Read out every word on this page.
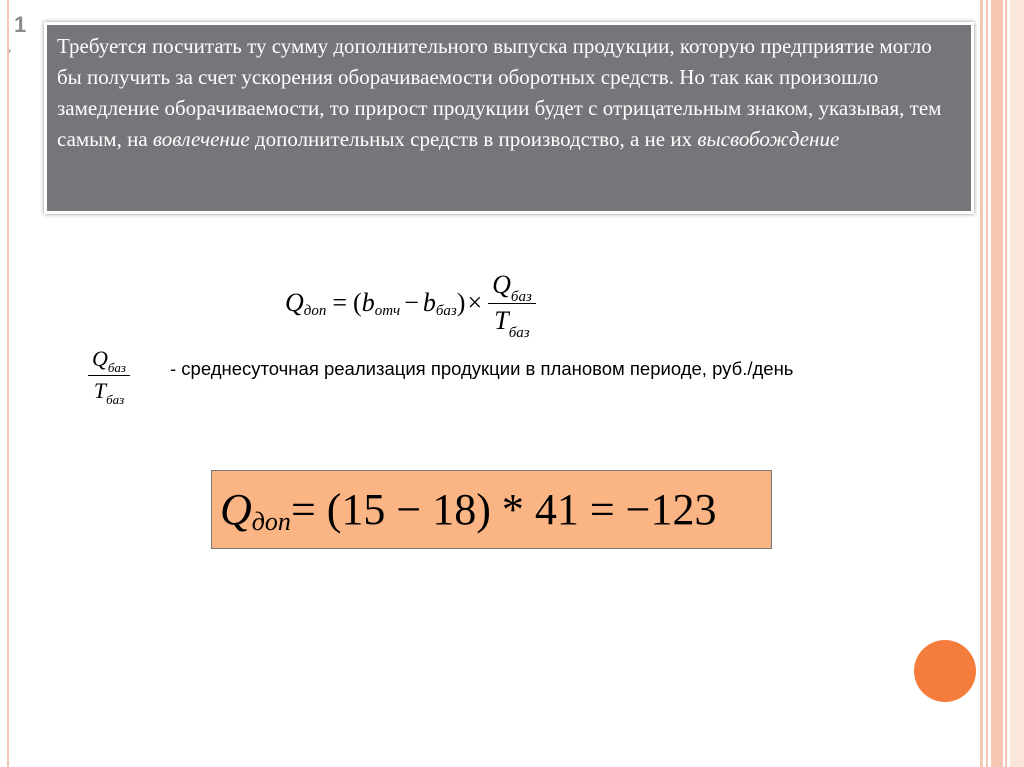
1
,	Требуется посчитать ту сумму дополнительного выпуска продукции, которую предприятие могло бы получить за счет ускорения оборачиваемости оборотных средств. Но так как произошло замедление оборачиваемости, то прирост продукции будет с отрицательным знаком, указывая, тем самым, на вовлечение дополнительных средств в производство, а не их высвобождение
Q доп = ( b отч − b баз ) × $\frac{Q_{баз}}{T_{баз}}$
$\frac{Q_{баз}}{T_{баз}}$ - среднесуточная реализация продукции в плановом периоде, руб./день
Q доп = (15 − 18) * 41 = −123
